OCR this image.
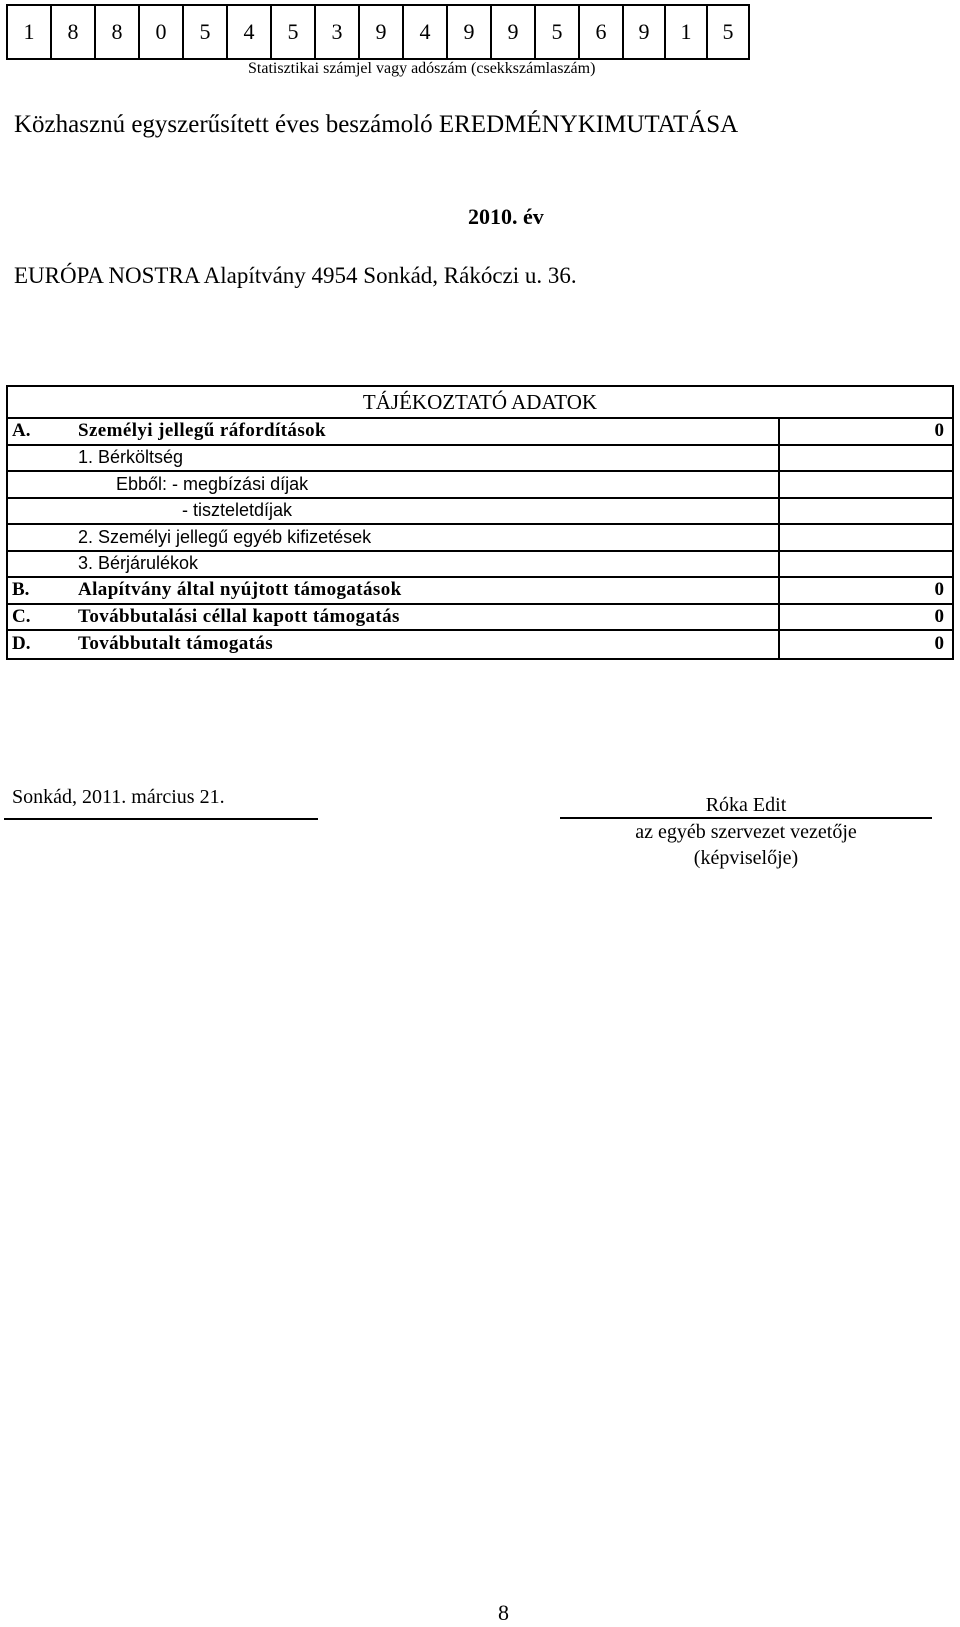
1	8	8	0	5	4	5	3	9	4	9	9	5	6	9	1	5
Statisztikai számjel vagy adószám (csekkszámlaszám)
Közhasznú egyszerűsített éves beszámoló EREDMÉNYKIMUTATÁSA
2010. év
EURÓPA NOSTRA Alapítvány 4954 Sonkád, Rákóczi u. 36.
TÁJÉKOZTATÓ ADATOK
A.	Személyi jellegű ráfordítások	0
1. Bérköltség
Ebből: - megbízási díjak
- tiszteletdíjak
2. Személyi jellegű egyéb kifizetések
3. Bérjárulékok
B.	Alapítvány által nyújtott támogatások	0
C.	Továbbutalási céllal kapott támogatás	0
D.	Továbbutalt támogatás	0
Sonkád, 2011. március 21.	Róka Edit
az egyéb szervezet vezetője
(képviselője)
8
